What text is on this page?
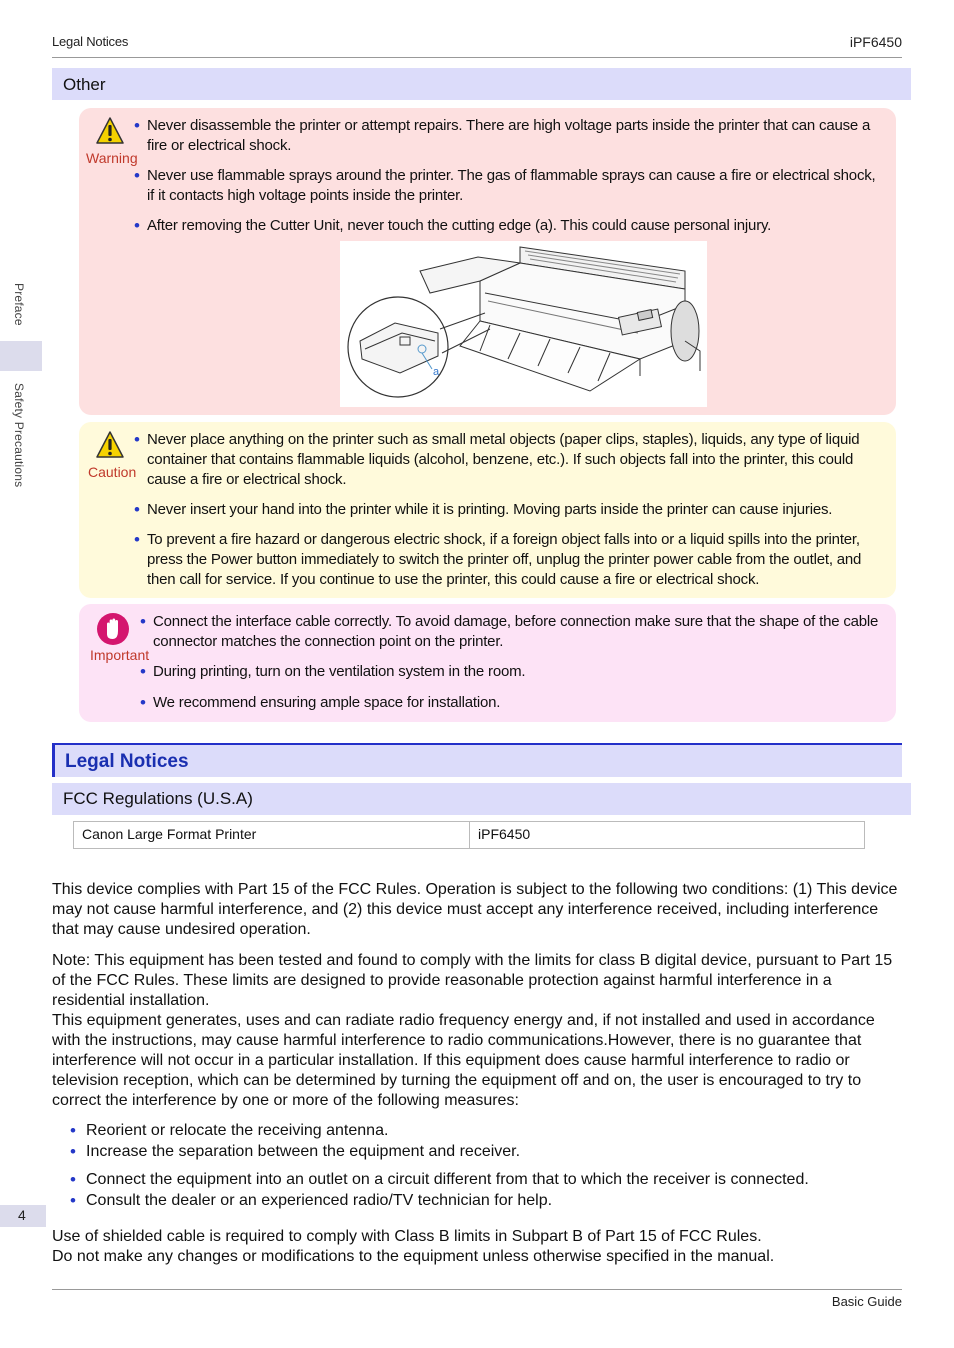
Legal Notices	iPF6450
Preface
Safety Precautions
Other
Warning
• Never disassemble the printer or attempt repairs. There are high voltage parts inside the printer that can cause a fire or electrical shock.
• Never use flammable sprays around the printer. The gas of flammable sprays can cause a fire or electrical shock, if it contacts high voltage points inside the printer.
• After removing the Cutter Unit, never touch the cutting edge (a). This could cause personal injury.
a
Caution
• Never place anything on the printer such as small metal objects (paper clips, staples), liquids, any type of liquid container that contains flammable liquids (alcohol, benzene, etc.). If such objects fall into the printer, this could cause a fire or electrical shock.
• Never insert your hand into the printer while it is printing. Moving parts inside the printer can cause injuries.
• To prevent a fire hazard or dangerous electric shock, if a foreign object falls into or a liquid spills into the printer, press the Power button immediately to switch the printer off, unplug the printer power cable from the outlet, and then call for service. If you continue to use the printer, this could cause a fire or electrical shock.
Important
• Connect the interface cable correctly. To avoid damage, before connection make sure that the shape of the cable connector matches the connection point on the printer.
• During printing, turn on the ventilation system in the room.
• We recommend ensuring ample space for installation.
Legal Notices
FCC Regulations (U.S.A)
Canon Large Format Printer	iPF6450

This device complies with Part 15 of the FCC Rules. Operation is subject to the following two conditions: (1) This device may not cause harmful interference, and (2) this device must accept any interference received, including interference that may cause undesired operation.

Note: This equipment has been tested and found to comply with the limits for class B digital device, pursuant to Part 15 of the FCC Rules. These limits are designed to provide reasonable protection against harmful interference in a residential installation.

This equipment generates, uses and can radiate radio frequency energy and, if not installed and used in accordance with the instructions, may cause harmful interference to radio communications.However, there is no guarantee that interference will not occur in a particular installation. If this equipment does cause harmful interference to radio or television reception, which can be determined by turning the equipment off and on, the user is encouraged to try to correct the interference by one or more of the following measures:

• Reorient or relocate the receiving antenna.
• Increase the separation between the equipment and receiver.
• Connect the equipment into an outlet on a circuit different from that to which the receiver is connected.
• Consult the dealer or an experienced radio/TV technician for help.
Use of shielded cable is required to comply with Class B limits in Subpart B of Part 15 of FCC Rules.
Do not make any changes or modifications to the equipment unless otherwise specified in the manual.
4
Basic Guide
